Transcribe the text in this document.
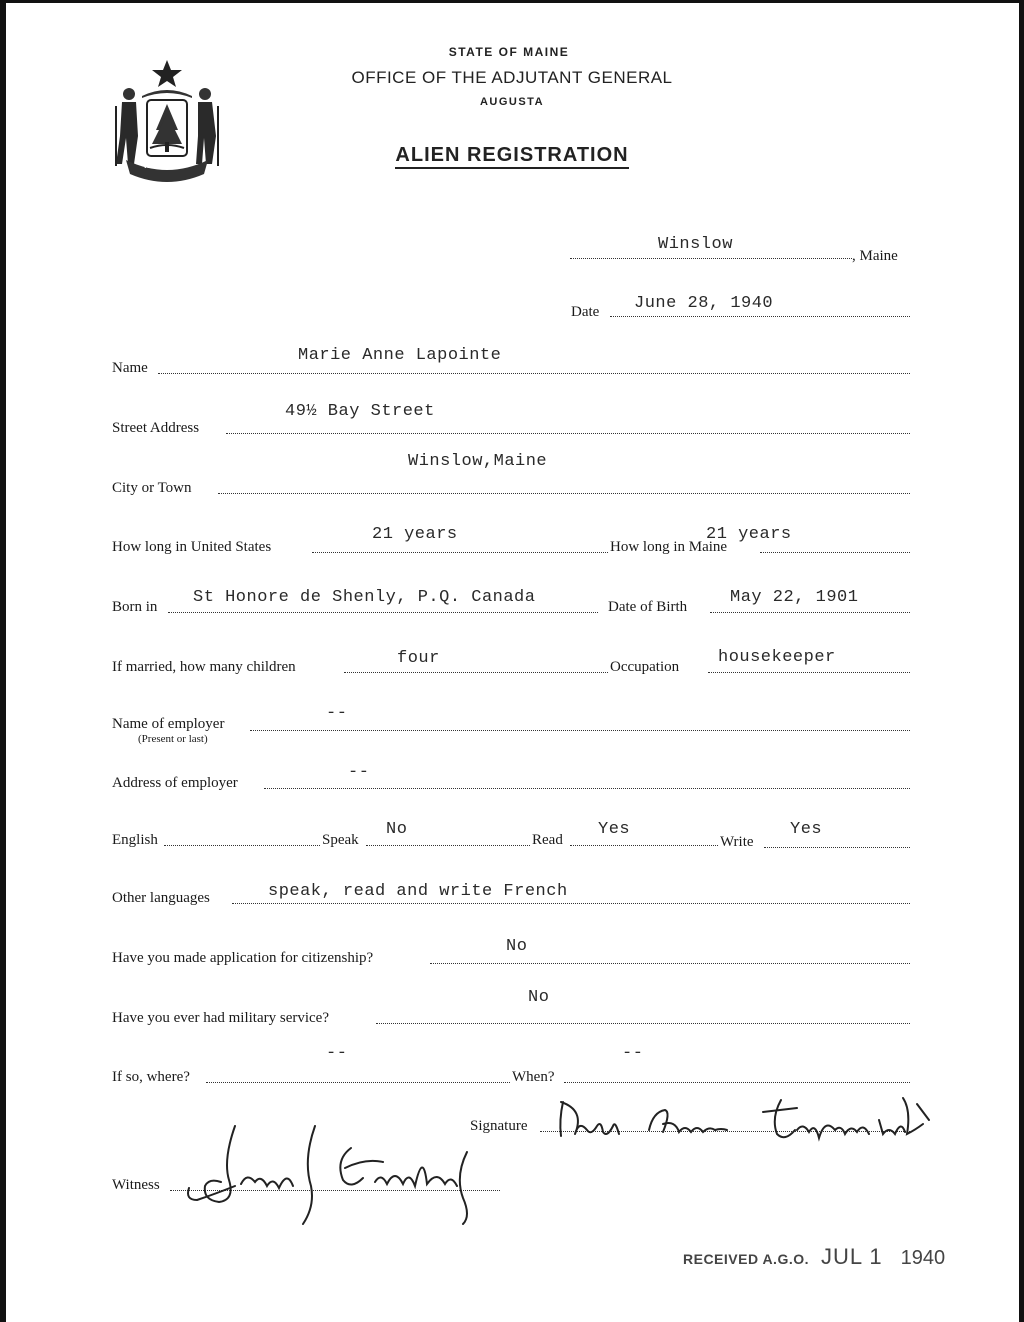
MAINE
STATE OF MAINE
OFFICE OF THE ADJUTANT GENERAL
AUGUSTA
ALIEN REGISTRATION
Winslow
, Maine
Date June 28, 1940
Name
Marie Anne Lapointe
Street Address
49½ Bay Street
City or Town
Winslow,Maine
How long in United States
21 years
How long in Maine
21 years
Born in St Honore de Shenly, P.Q. Canada	Date of Birth	May 22, 1901
If married, how many children	four	Occupation housekeeper
Name of employer
(Present or last)
--
Address of employer
--
English	Speak
No
Read
Yes
Write
Yes
Other languages	speak, read and write French
Have you made application for citizenship?
No
Have you ever had military service?
No
If so, where?
--
When?
--
Signature
Witness
RECEIVED A.G.O. JUL 1 1940
